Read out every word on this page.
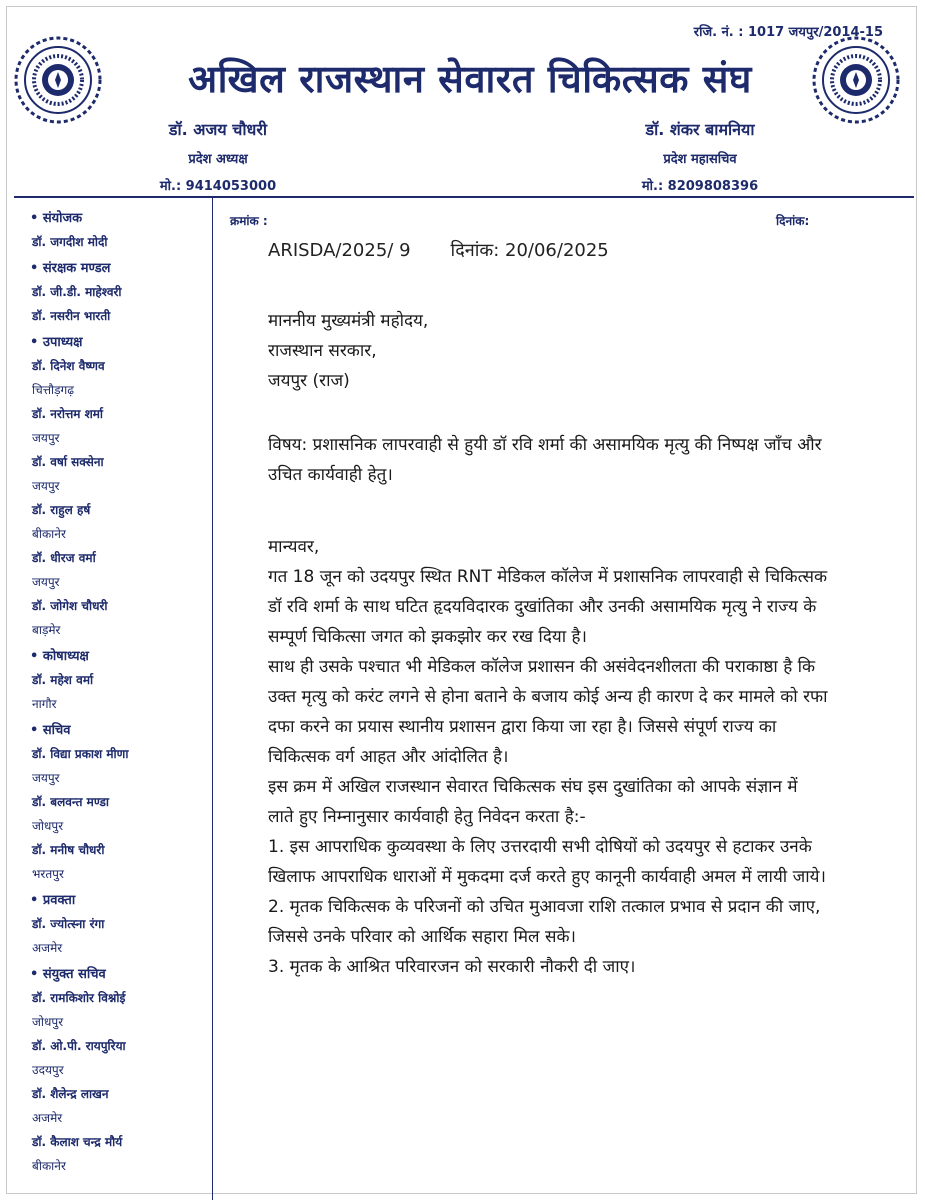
रजि. नं. : 1017 जयपुर/2014-15
अखिल राजस्थान सेवारत चिकित्सक संघ
डॉ. अजय चौधरी
प्रदेश अध्यक्ष
मो.: 9414053000
डॉ. शंकर बामनिया
प्रदेश महासचिव
मो.: 8209808396
• संयोजक
डॉ. जगदीश मोदी
• संरक्षक मण्डल
डॉ. जी.डी. माहेश्वरी
डॉ. नसरीन भारती
• उपाध्यक्ष
डॉ. दिनेश वैष्णव
चित्तौड़गढ़
डॉ. नरोत्तम शर्मा
जयपुर
डॉ. वर्षा सक्सेना
जयपुर
डॉ. राहुल हर्ष
बीकानेर
डॉ. धीरज वर्मा
जयपुर
डॉ. जोगेश चौधरी
बाड़मेर
• कोषाध्यक्ष
डॉ. महेश वर्मा
नागौर
• सचिव
डॉ. विद्या प्रकाश मीणा
जयपुर
डॉ. बलवन्त मण्डा
जोधपुर
डॉ. मनीष चौधरी
भरतपुर
• प्रवक्ता
डॉ. ज्योत्स्ना रंगा
अजमेर
• संयुक्त सचिव
डॉ. रामकिशोर विश्नोई
जोधपुर
डॉ. ओ.पी. रायपुरिया
उदयपुर
डॉ. शैलेन्द्र लाखन
अजमेर
डॉ. कैलाश चन्द्र मौर्य
बीकानेर
क्रमांक :	दिनांक:
ARISDA/2025/ 9 दिनांक: 20/06/2025
माननीय मुख्यमंत्री महोदय,
राजस्थान सरकार,
जयपुर (राज)
विषय: प्रशासनिक लापरवाही से हुयी डॉ रवि शर्मा की असामयिक मृत्यु की निष्पक्ष जाँच और उचित कार्यवाही हेतु।

मान्यवर,

गत 18 जून को उदयपुर स्थित RNT मेडिकल कॉलेज में प्रशासनिक लापरवाही से चिकित्सक डॉ रवि शर्मा के साथ घटित हृदयविदारक दुखांतिका और उनकी असामयिक मृत्यु ने राज्य के सम्पूर्ण चिकित्सा जगत को झकझोर कर रख दिया है।

साथ ही उसके पश्चात भी मेडिकल कॉलेज प्रशासन की असंवेदनशीलता की पराकाष्ठा है कि उक्त मृत्यु को करंट लगने से होना बताने के बजाय कोई अन्य ही कारण दे कर मामले को रफा दफा करने का प्रयास स्थानीय प्रशासन द्वारा किया जा रहा है। जिससे संपूर्ण राज्य का चिकित्सक वर्ग आहत और आंदोलित है।

इस क्रम में अखिल राजस्थान सेवारत चिकित्सक संघ इस दुखांतिका को आपके संज्ञान में लाते हुए निम्नानुसार कार्यवाही हेतु निवेदन करता है:-

1. इस आपराधिक कुव्यवस्था के लिए उत्तरदायी सभी दोषियों को उदयपुर से हटाकर उनके खिलाफ आपराधिक धाराओं में मुकदमा दर्ज करते हुए कानूनी कार्यवाही अमल में लायी जाये।

2. मृतक चिकित्सक के परिजनों को उचित मुआवजा राशि तत्काल प्रभाव से प्रदान की जाए, जिससे उनके परिवार को आर्थिक सहारा मिल सके।

3. मृतक के आश्रित परिवारजन को सरकारी नौकरी दी जाए।
